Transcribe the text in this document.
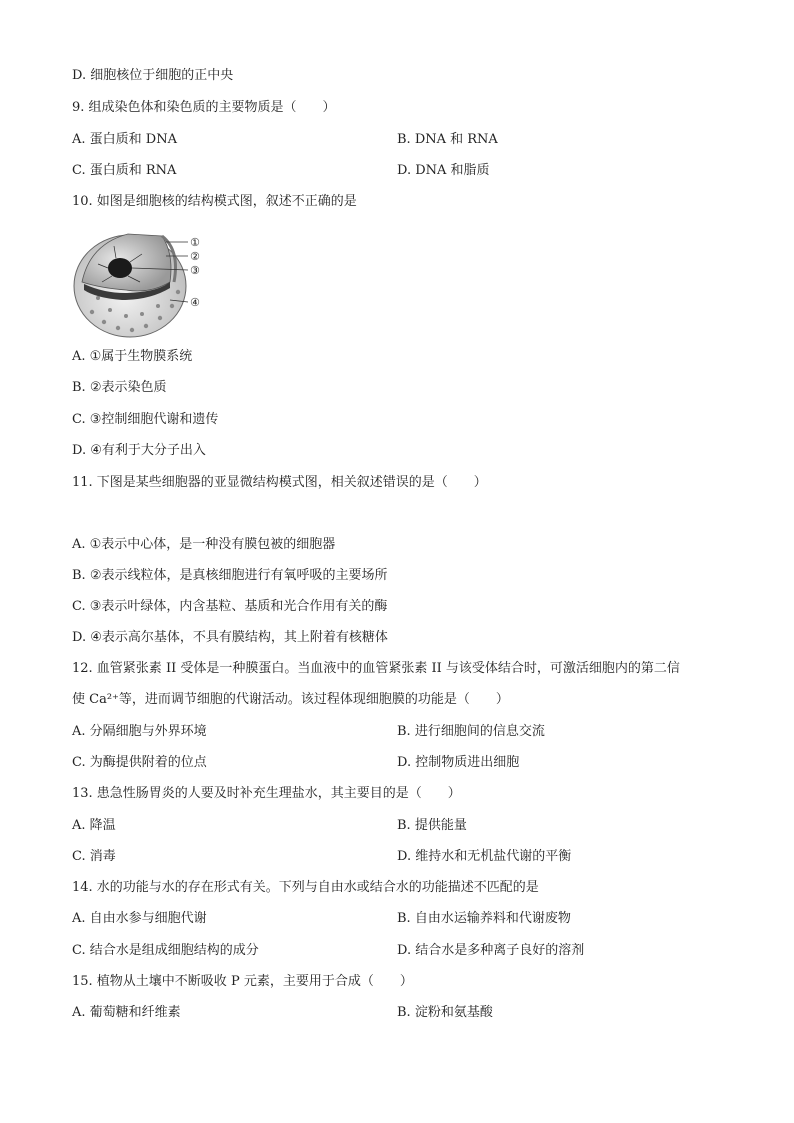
D. 细胞核位于细胞的正中央
9. 组成染色体和染色质的主要物质是（　　）
A. 蛋白质和 DNA	B. DNA 和 RNA
C. 蛋白质和 RNA	D. DNA 和脂质
10. 如图是细胞核的结构模式图，叙述不正确的是
①
②
③
④
A. ①属于生物膜系统
B. ②表示染色质
C. ③控制细胞代谢和遗传
D. ④有利于大分子出入
11. 下图是某些细胞器的亚显微结构模式图，相关叙述错误的是（　　）
A. ①表示中心体，是一种没有膜包被的细胞器
B. ②表示线粒体，是真核细胞进行有氧呼吸的主要场所
C. ③表示叶绿体，内含基粒、基质和光合作用有关的酶
D. ④表示高尔基体，不具有膜结构，其上附着有核糖体
12. 血管紧张素 II 受体是一种膜蛋白。当血液中的血管紧张素 II 与该受体结合时，可激活细胞内的第二信
使 Ca²⁺等，进而调节细胞的代谢活动。该过程体现细胞膜的功能是（　　）
A. 分隔细胞与外界环境	B. 进行细胞间的信息交流
C. 为酶提供附着的位点	D. 控制物质进出细胞
13. 患急性肠胃炎的人要及时补充生理盐水，其主要目的是（　　）
A. 降温	B. 提供能量
C. 消毒	D. 维持水和无机盐代谢的平衡
14. 水的功能与水的存在形式有关。下列与自由水或结合水的功能描述不匹配的是
A. 自由水参与细胞代谢	B. 自由水运输养料和代谢废物
C. 结合水是组成细胞结构的成分	D. 结合水是多种离子良好的溶剂
15. 植物从土壤中不断吸收 P 元素，主要用于合成（　　）
A. 葡萄糖和纤维素	B. 淀粉和氨基酸
